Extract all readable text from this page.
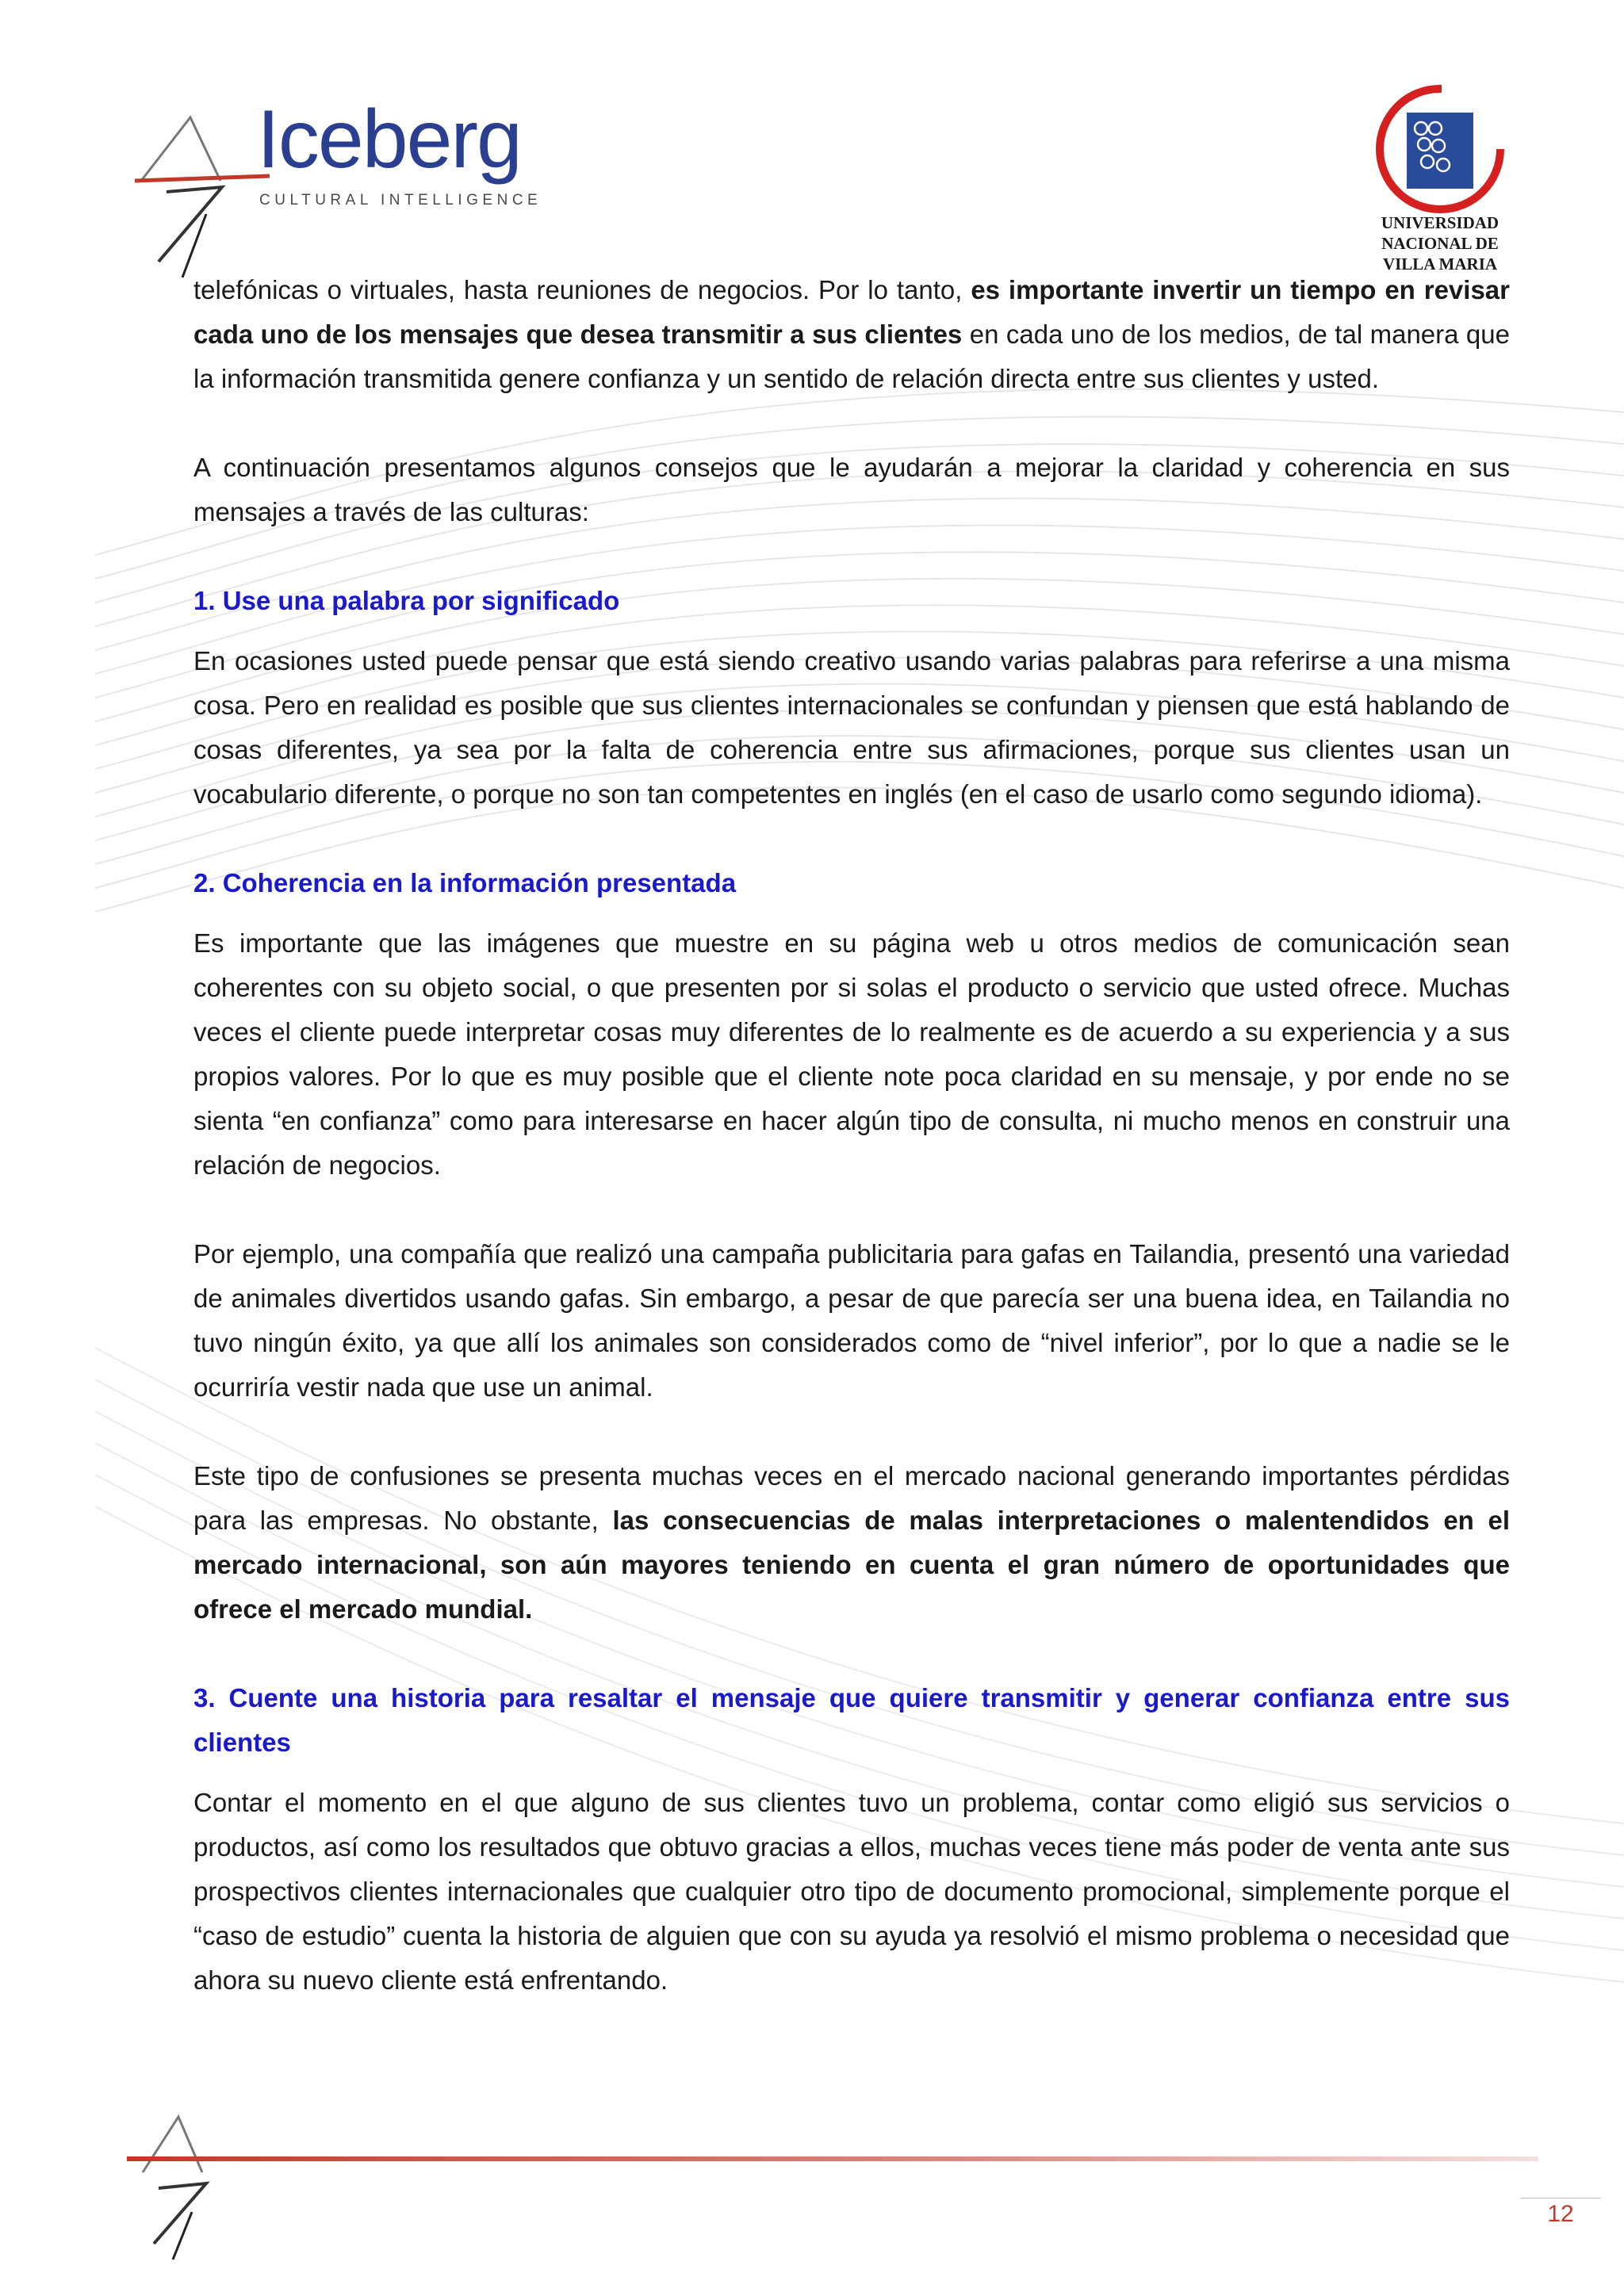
Iceberg
CULTURAL INTELLIGENCE
UNIVERSIDAD
NACIONAL DE
VILLA MARIA

telefónicas o virtuales, hasta reuniones de negocios. Por lo tanto, es importante invertir un tiempo en revisar cada uno de los mensajes que desea transmitir a sus clientes en cada uno de los medios, de tal manera que la información transmitida genere confianza y un sentido de relación directa entre sus clientes y usted.

A continuación presentamos algunos consejos que le ayudarán a mejorar la claridad y coherencia en sus mensajes a través de las culturas:

1. Use una palabra por significado

En ocasiones usted puede pensar que está siendo creativo usando varias palabras para referirse a una misma cosa. Pero en realidad es posible que sus clientes internacionales se confundan y piensen que está hablando de cosas diferentes, ya sea por la falta de coherencia entre sus afirmaciones, porque sus clientes usan un vocabulario diferente, o porque no son tan competentes en inglés (en el caso de usarlo como segundo idioma).

2. Coherencia en la información presentada

Es importante que las imágenes que muestre en su página web u otros medios de comunicación sean coherentes con su objeto social, o que presenten por si solas el producto o servicio que usted ofrece. Muchas veces el cliente puede interpretar cosas muy diferentes de lo realmente es de acuerdo a su experiencia y a sus propios valores. Por lo que es muy posible que el cliente note poca claridad en su mensaje, y por ende no se sienta “en confianza” como para interesarse en hacer algún tipo de consulta, ni mucho menos en construir una relación de negocios.

Por ejemplo, una compañía que realizó una campaña publicitaria para gafas en Tailandia, presentó una variedad de animales divertidos usando gafas. Sin embargo, a pesar de que parecía ser una buena idea, en Tailandia no tuvo ningún éxito, ya que allí los animales son considerados como de “nivel inferior”, por lo que a nadie se le ocurriría vestir nada que use un animal.

Este tipo de confusiones se presenta muchas veces en el mercado nacional generando importantes pérdidas para las empresas. No obstante, las consecuencias de malas interpretaciones o malentendidos en el mercado internacional, son aún mayores teniendo en cuenta el gran número de oportunidades que ofrece el mercado mundial.

3. Cuente una historia para resaltar el mensaje que quiere transmitir y generar confianza entre sus clientes

Contar el momento en el que alguno de sus clientes tuvo un problema, contar como eligió sus servicios o productos, así como los resultados que obtuvo gracias a ellos, muchas veces tiene más poder de venta ante sus prospectivos clientes internacionales que cualquier otro tipo de documento promocional, simplemente porque el “caso de estudio” cuenta la historia de alguien que con su ayuda ya resolvió el mismo problema o necesidad que ahora su nuevo cliente está enfrentando.

12
